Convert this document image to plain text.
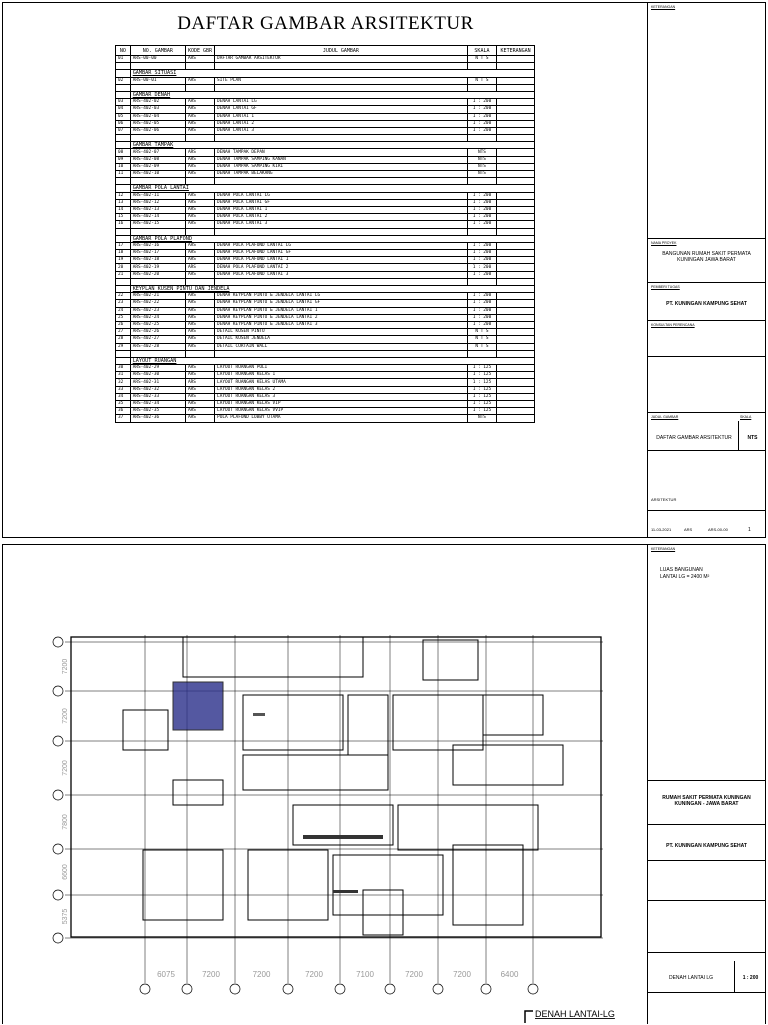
DAFTAR GAMBAR ARSITEKTUR
NO	NO. GAMBAR	KODE GBR	JUDUL GAMBAR	SKALA	KETERANGAN
01	ARS-00-00	ARS	DAFTAR GAMBAR ARSITEKTUR	N T S	

	GAMBAR SITUASI				
02	ARS-00-01	ARS	SITE PLAN	N T S	

	GAMBAR DENAH				
03	ARS-402-02	ARS	DENAH LANTAI LG	1 : 200	
04	ARS-402-03	ARS	DENAH LANTAI GF	1 : 200	
05	ARS-402-04	ARS	DENAH LANTAI 1	1 : 200	
06	ARS-402-05	ARS	DENAH LANTAI 2	1 : 200	
07	ARS-402-06	ARS	DENAH LANTAI 3	1 : 200	

	GAMBAR TAMPAK				
08	ARS-402-07	ARS	DENAH TAMPAK DEPAN	NTS	
09	ARS-402-08	ARS	DENAH TAMPAK SAMPING KANAN	NTS	
10	ARS-402-09	ARS	DENAH TAMPAK SAMPING KIRI	NTS	
11	ARS-402-10	ARS	DENAH TAMPAK BELAKANG	NTS	

	GAMBAR POLA LANTAI				
12	ARS-402-11	ARS	DENAH POLA LANTAI LG	1 : 200	
13	ARS-402-12	ARS	DENAH POLA LANTAI GF	1 : 200	
14	ARS-402-13	ARS	DENAH POLA LANTAI 1	1 : 200	
15	ARS-402-14	ARS	DENAH POLA LANTAI 2	1 : 200	
16	ARS-402-15	ARS	DENAH POLA LANTAI 3	1 : 200	

	GAMBAR POLA PLAFOND				
17	ARS-402-16	ARS	DENAH POLA PLAFOND LANTAI LG	1 : 200	
18	ARS-402-17	ARS	DENAH POLA PLAFOND LANTAI GF	1 : 200	
19	ARS-402-18	ARS	DENAH POLA PLAFOND LANTAI 1	1 : 200	
20	ARS-402-19	ARS	DENAH POLA PLAFOND LANTAI 2	1 : 200	
21	ARS-402-20	ARS	DENAH POLA PLAFOND LANTAI 3	1 : 200	

	KEYPLAN KUSEN PINTU DAN JENDELA				
22	ARS-402-21	ARS	DENAH KEYPLAN PINTU & JENDELA LANTAI LG	1 : 200	
23	ARS-402-22	ARS	DENAH KEYPLAN PINTU & JENDELA LANTAI GF	1 : 200	
24	ARS-402-23	ARS	DENAH KEYPLAN PINTU & JENDELA LANTAI 1	1 : 200	
25	ARS-402-24	ARS	DENAH KEYPLAN PINTU & JENDELA LANTAI 2	1 : 200	
26	ARS-402-25	ARS	DENAH KEYPLAN PINTU & JENDELA LANTAI 3	1 : 200	
27	ARS-402-26	ARS	DETAIL KUSEN PINTU	N T S	
28	ARS-402-27	ARS	DETAIL KUSEN JENDELA	N T S	
29	ARS-402-28	ARS	DETAIL CURTAIN WALL	N T S	

	LAYOUT RUANGAN				
30	ARS-402-29	ARS	LAYOUT RUANGAN POLI	1 : 125	
31	ARS-402-30	ARS	LAYOUT RUANGAN KELAS 1	1 : 125	
32	ARS-402-31	ARS	LAYOUT RUANGAN KELAS UTAMA	1 : 125	
33	ARS-402-32	ARS	LAYOUT RUANGAN KELAS 2	1 : 125	
34	ARS-402-33	ARS	LAYOUT RUANGAN KELAS 3	1 : 125	
35	ARS-402-34	ARS	LAYOUT RUANGAN KELAS VIP	1 : 125	
36	ARS-402-35	ARS	LAYOUT RUANGAN KELAS VVIP	1 : 125	
37	ARS-402-36	ARS	POLA PLAFOND LOBBY UTAMA	NTS	
KETERANGAN
NAMA PROYEK
BANGUNAN RUMAH SAKIT PERMATA KUNINGAN JAWA BARAT
PEMBERI TUGAS
PT. KUNINGAN KAMPUNG SEHAT
KONSULTAN PERENCANA
JUDUL GAMBAR	SKALA
DAFTAR GAMBAR ARSITEKTUR	NTS
ARSITEKTUR
11-03-2021	ARS	ARS-00-00	1
KETERANGAN
LUAS BANGUNAN LANTAI LG = 2400 M²
RUMAH SAKIT PERMATA KUNINGAN KUNINGAN - JAWA BARAT
PT. KUNINGAN KAMPUNG SEHAT
DENAH LANTAI LG	1 : 200
7200
7200
7200
7800
6600
5375
6075	7200	7200	7200	7100	7200	7200	6400
DENAH LANTAI-LG
